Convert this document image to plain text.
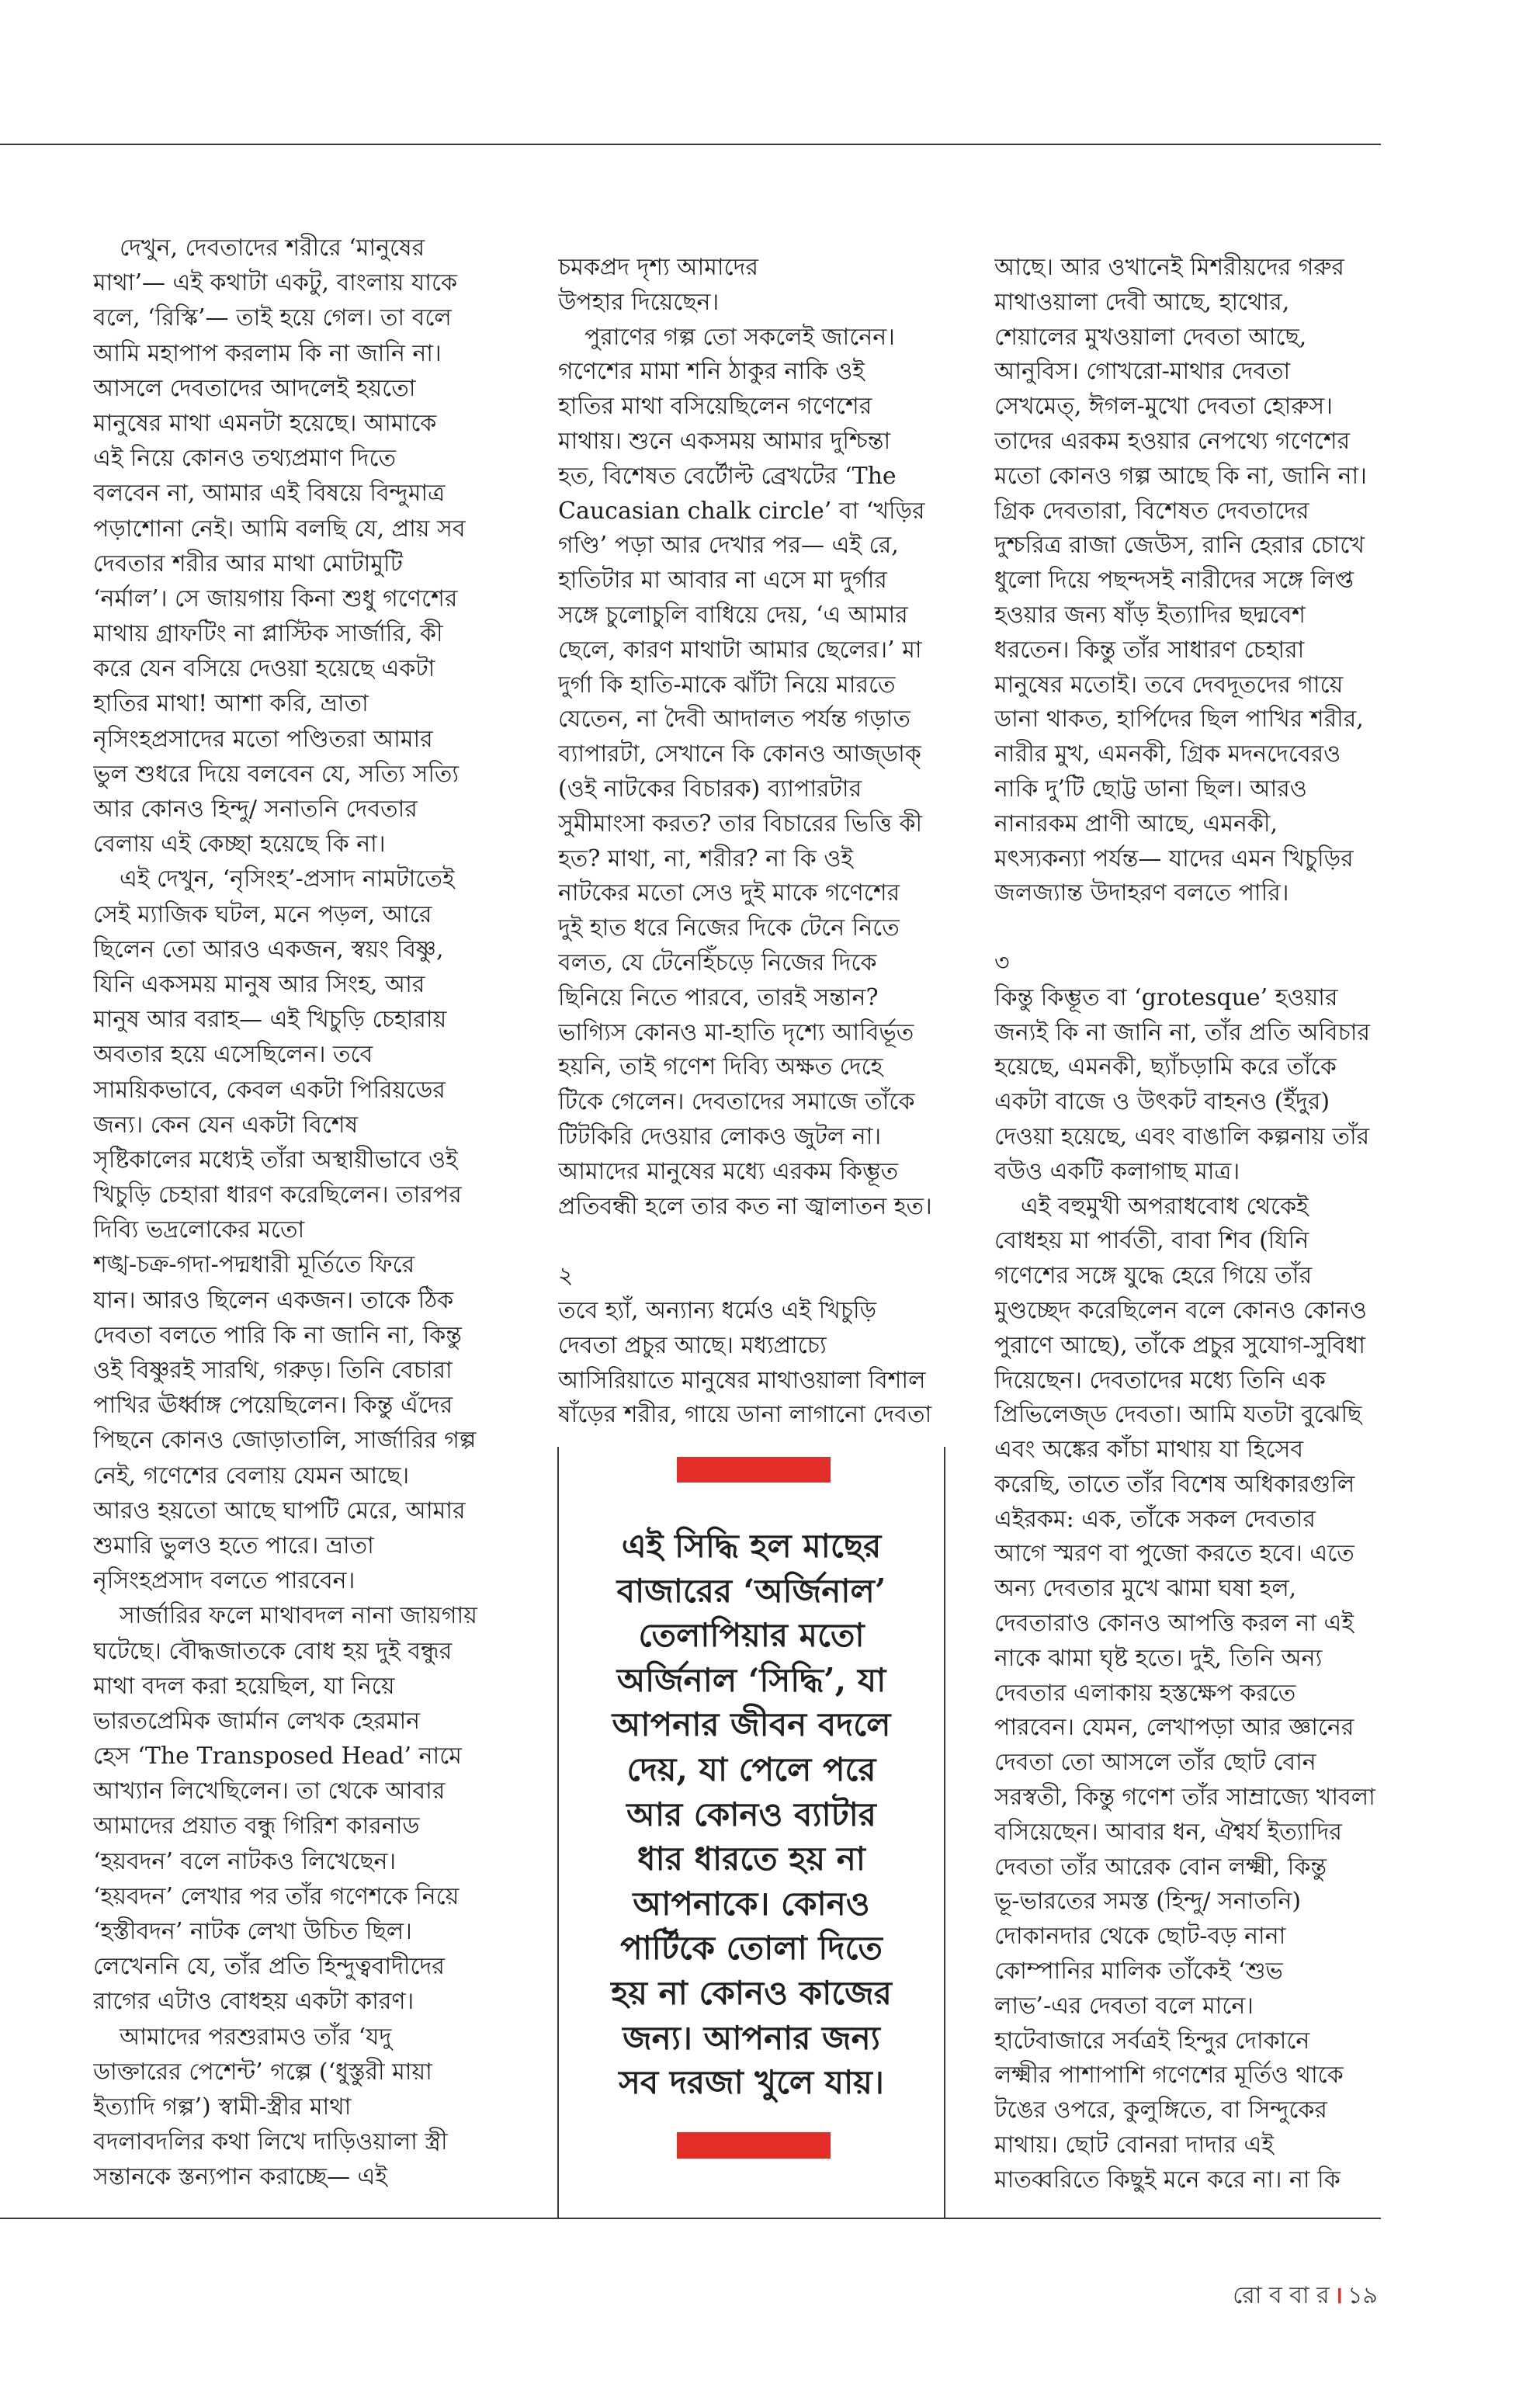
দেখুন, দেবতাদের শরীরে ‘মানুষের
মাথা’— এই কথাটা একটু, বাংলায় যাকে
বলে, ‘রিস্কি’— তাই হয়ে গেল। তা বলে
আমি মহাপাপ করলাম কি না জানি না।
আসলে দেবতাদের আদলেই হয়তো
মানুষের মাথা এমনটা হয়েছে। আমাকে
এই নিয়ে কোনও তথ্যপ্রমাণ দিতে
বলবেন না, আমার এই বিষয়ে বিন্দুমাত্র
পড়াশোনা নেই। আমি বলছি যে, প্রায় সব
দেবতার শরীর আর মাথা মোটামুটি
‘নর্মাল’। সে জায়গায় কিনা শুধু গণেশের
মাথায় গ্রাফটিং না প্লাস্টিক সার্জারি, কী
করে যেন বসিয়ে দেওয়া হয়েছে একটা
হাতির মাথা! আশা করি, ভ্রাতা
নৃসিংহপ্রসাদের মতো পণ্ডিতরা আমার
ভুল শুধরে দিয়ে বলবেন যে, সত্যি সত্যি
আর কোনও হিন্দু/ সনাতনি দেবতার
বেলায় এই কেচ্ছা হয়েছে কি না।
এই দেখুন, ‘নৃসিংহ’-প্রসাদ নামটাতেই
সেই ম্যাজিক ঘটল, মনে পড়ল, আরে
ছিলেন তো আরও একজন, স্বয়ং বিষ্ণু,
যিনি একসময় মানুষ আর সিংহ, আর
মানুষ আর বরাহ— এই খিচুড়ি চেহারায়
অবতার হয়ে এসেছিলেন। তবে
সাময়িকভাবে, কেবল একটা পিরিয়ডের
জন্য। কেন যেন একটা বিশেষ
সৃষ্টিকালের মধ্যেই তাঁরা অস্থায়ীভাবে ওই
খিচুড়ি চেহারা ধারণ করেছিলেন। তারপর
দিব্যি ভদ্রলোকের মতো
শঙ্খ-চক্র-গদা-পদ্মধারী মূর্তিতে ফিরে
যান। আরও ছিলেন একজন। তাকে ঠিক
দেবতা বলতে পারি কি না জানি না, কিন্তু
ওই বিষ্ণুরই সারথি, গরুড়। তিনি বেচারা
পাখির ঊর্ধ্বাঙ্গ পেয়েছিলেন। কিন্তু এঁদের
পিছনে কোনও জোড়াতালি, সার্জারির গল্প
নেই, গণেশের বেলায় যেমন আছে।
আরও হয়তো আছে ঘাপটি মেরে, আমার
শুমারি ভুলও হতে পারে। ভ্রাতা
নৃসিংহপ্রসাদ বলতে পারবেন।
সার্জারির ফলে মাথাবদল নানা জায়গায়
ঘটেছে। বৌদ্ধজাতকে বোধ হয় দুই বন্ধুর
মাথা বদল করা হয়েছিল, যা নিয়ে
ভারতপ্রেমিক জার্মান লেখক হেরমান
হেস ‘The Transposed Head’ নামে
আখ্যান লিখেছিলেন। তা থেকে আবার
আমাদের প্রয়াত বন্ধু গিরিশ কারনাড
‘হয়বদন’ বলে নাটকও লিখেছেন।
‘হয়বদন’ লেখার পর তাঁর গণেশকে নিয়ে
‘হস্তীবদন’ নাটক লেখা উচিত ছিল।
লেখেননি যে, তাঁর প্রতি হিন্দুত্ববাদীদের
রাগের এটাও বোধহয় একটা কারণ।
আমাদের পরশুরামও তাঁর ‘যদু
ডাক্তারের পেশেন্ট’ গল্পে (‘ধুস্তুরী মায়া
ইত্যাদি গল্প’) স্বামী-স্ত্রীর মাথা
বদলাবদলির কথা লিখে দাড়িওয়ালা স্ত্রী
সন্তানকে স্তন্যপান করাচ্ছে— এই
চমকপ্রদ দৃশ্য আমাদের
উপহার দিয়েছেন।
পুরাণের গল্প তো সকলেই জানেন।
গণেশের মামা শনি ঠাকুর নাকি ওই
হাতির মাথা বসিয়েছিলেন গণেশের
মাথায়। শুনে একসময় আমার দুশ্চিন্তা
হত, বিশেষত বের্টোল্ট ব্রেখটের ‘The
Caucasian chalk circle’ বা ‘খড়ির
গণ্ডি’ পড়া আর দেখার পর— এই রে,
হাতিটার মা আবার না এসে মা দুর্গার
সঙ্গে চুলোচুলি বাধিয়ে দেয়, ‘এ আমার
ছেলে, কারণ মাথাটা আমার ছেলের।’ মা
দুর্গা কি হাতি-মাকে ঝাঁটা নিয়ে মারতে
যেতেন, না দৈবী আদালত পর্যন্ত গড়াত
ব্যাপারটা, সেখানে কি কোনও আজ্‌ডাক্
(ওই নাটকের বিচারক) ব্যাপারটার
সুমীমাংসা করত? তার বিচারের ভিত্তি কী
হত? মাথা, না, শরীর? না কি ওই
নাটকের মতো সেও দুই মাকে গণেশের
দুই হাত ধরে নিজের দিকে টেনে নিতে
বলত, যে টেনেহিঁচড়ে নিজের দিকে
ছিনিয়ে নিতে পারবে, তারই সন্তান?
ভাগ্যিস কোনও মা-হাতি দৃশ্যে আবির্ভূত
হয়নি, তাই গণেশ দিব্যি অক্ষত দেহে
টিকে গেলেন। দেবতাদের সমাজে তাঁকে
টিটকিরি দেওয়ার লোকও জুটল না।
আমাদের মানুষের মধ্যে এরকম কিম্ভূত
প্রতিবন্ধী হলে তার কত না জ্বালাতন হত।
২
তবে হ্যাঁ, অন্যান্য ধর্মেও এই খিচুড়ি
দেবতা প্রচুর আছে। মধ্যপ্রাচ্যে
আসিরিয়াতে মানুষের মাথাওয়ালা বিশাল
ষাঁড়ের শরীর, গায়ে ডানা লাগানো দেবতা
আছে। আর ওখানেই মিশরীয়দের গরুর
মাথাওয়ালা দেবী আছে, হাথোর,
শেয়ালের মুখওয়ালা দেবতা আছে,
আনুবিস। গোখরো-মাথার দেবতা
সেখমেত্, ঈগল-মুখো দেবতা হোরুস।
তাদের এরকম হওয়ার নেপথ্যে গণেশের
মতো কোনও গল্প আছে কি না, জানি না।
গ্রিক দেবতারা, বিশেষত দেবতাদের
দুশ্চরিত্র রাজা জেউস, রানি হেরার চোখে
ধুলো দিয়ে পছন্দসই নারীদের সঙ্গে লিপ্ত
হওয়ার জন্য ষাঁড় ইত্যাদির ছদ্মবেশ
ধরতেন। কিন্তু তাঁর সাধারণ চেহারা
মানুষের মতোই। তবে দেবদূতদের গায়ে
ডানা থাকত, হার্পিদের ছিল পাখির শরীর,
নারীর মুখ, এমনকী, গ্রিক মদনদেবেরও
নাকি দু’টি ছোট্ট ডানা ছিল। আরও
নানারকম প্রাণী আছে, এমনকী,
মৎস্যকন্যা পর্যন্ত— যাদের এমন খিচুড়ির
জলজ্যান্ত উদাহরণ বলতে পারি।
৩
কিন্তু কিম্ভূত বা ‘grotesque’ হওয়ার
জন্যই কি না জানি না, তাঁর প্রতি অবিচার
হয়েছে, এমনকী, ছ্যাঁচড়ামি করে তাঁকে
একটা বাজে ও উৎকট বাহনও (ইঁদুর)
দেওয়া হয়েছে, এবং বাঙালি কল্পনায় তাঁর
বউও একটি কলাগাছ মাত্র।
এই বহুমুখী অপরাধবোধ থেকেই
বোধহয় মা পার্বতী, বাবা শিব (যিনি
গণেশের সঙ্গে যুদ্ধে হেরে গিয়ে তাঁর
মুণ্ডচ্ছেদ করেছিলেন বলে কোনও কোনও
পুরাণে আছে), তাঁকে প্রচুর সুযোগ-সুবিধা
দিয়েছেন। দেবতাদের মধ্যে তিনি এক
প্রিভিলেজ্‌ড দেবতা। আমি যতটা বুঝেছি
এবং অঙ্কের কাঁচা মাথায় যা হিসেব
করেছি, তাতে তাঁর বিশেষ অধিকারগুলি
এইরকম: এক, তাঁকে সকল দেবতার
আগে স্মরণ বা পুজো করতে হবে। এতে
অন্য দেবতার মুখে ঝামা ঘষা হল,
দেবতারাও কোনও আপত্তি করল না এই
নাকে ঝামা ঘৃষ্ট হতে। দুই, তিনি অন্য
দেবতার এলাকায় হস্তক্ষেপ করতে
পারবেন। যেমন, লেখাপড়া আর জ্ঞানের
দেবতা তো আসলে তাঁর ছোট বোন
সরস্বতী, কিন্তু গণেশ তাঁর সাম্রাজ্যে খাবলা
বসিয়েছেন। আবার ধন, ঐশ্বর্য ইত্যাদির
দেবতা তাঁর আরেক বোন লক্ষ্মী, কিন্তু
ভূ-ভারতের সমস্ত (হিন্দু/ সনাতনি)
দোকানদার থেকে ছোট-বড় নানা
কোম্পানির মালিক তাঁকেই ‘শুভ
লাভ’-এর দেবতা বলে মানে।
হাটেবাজারে সর্বত্রই হিন্দুর দোকানে
লক্ষ্মীর পাশাপাশি গণেশের মূর্তিও থাকে
টঙের ওপরে, কুলুঙ্গিতে, বা সিন্দুকের
মাথায়। ছোট বোনরা দাদার এই
মাতব্বরিতে কিছুই মনে করে না। না কি
এই সিদ্ধি হল মাছের
বাজারের ‘অর্জিনাল’
তেলাপিয়ার মতো
অর্জিনাল ‘সিদ্ধি’, যা
আপনার জীবন বদলে
দেয়, যা পেলে পরে
আর কোনও ব্যাটার
ধার ধারতে হয় না
আপনাকে। কোনও
পার্টিকে তোলা দিতে
হয় না কোনও কাজের
জন্য। আপনার জন্য
সব দরজা খুলে যায়।
রো ব বা র । ১৯
